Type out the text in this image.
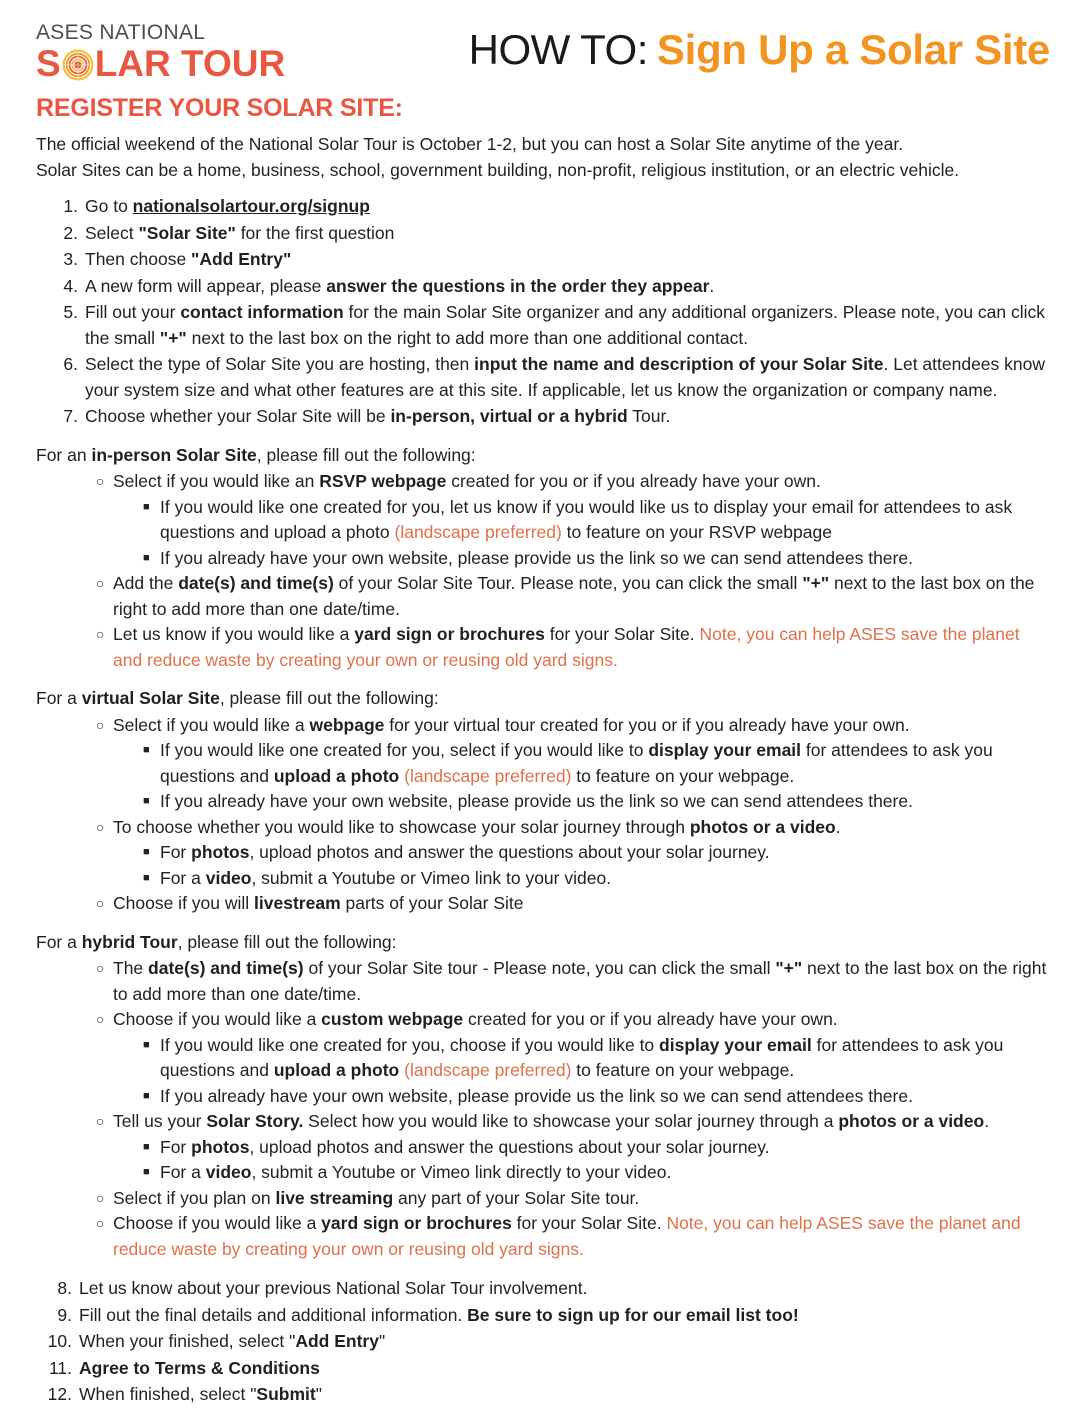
ASES NATIONAL
S LAR TOUR	HOW TO: Sign Up a Solar Site
REGISTER YOUR SOLAR SITE:
The official weekend of the National Solar Tour is October 1-2, but you can host a Solar Site anytime of the year.
Solar Sites can be a home, business, school, government building, non-profit, religious institution, or an electric vehicle.
1. Go to nationalsolartour.org/signup
2. Select "Solar Site" for the first question
3. Then choose "Add Entry"
4. A new form will appear, please answer the questions in the order they appear.
5. Fill out your contact information for the main Solar Site organizer and any additional organizers. Please note, you can click the small "+" next to the last box on the right to add more than one additional contact.
6. Select the type of Solar Site you are hosting, then input the name and description of your Solar Site. Let attendees know your system size and what other features are at this site. If applicable, let us know the organization or company name.
7. Choose whether your Solar Site will be in-person, virtual or a hybrid Tour.
For an in-person Solar Site, please fill out the following:
○ Select if you would like an RSVP webpage created for you or if you already have your own.
■ If you would like one created for you, let us know if you would like us to display your email for attendees to ask questions and upload a photo (landscape preferred) to feature on your RSVP webpage
■ If you already have your own website, please provide us the link so we can send attendees there.
○ Add the date(s) and time(s) of your Solar Site Tour. Please note, you can click the small "+" next to the last box on the right to add more than one date/time.
○ Let us know if you would like a yard sign or brochures for your Solar Site. Note, you can help ASES save the planet and reduce waste by creating your own or reusing old yard signs.
For a virtual Solar Site, please fill out the following:
○ Select if you would like a webpage for your virtual tour created for you or if you already have your own.
■ If you would like one created for you, select if you would like to display your email for attendees to ask you questions and upload a photo (landscape preferred) to feature on your webpage.
■ If you already have your own website, please provide us the link so we can send attendees there.
○ To choose whether you would like to showcase your solar journey through photos or a video.
■ For photos, upload photos and answer the questions about your solar journey.
■ For a video, submit a Youtube or Vimeo link to your video.
○ Choose if you will livestream parts of your Solar Site
For a hybrid Tour, please fill out the following:
○ The date(s) and time(s) of your Solar Site tour - Please note, you can click the small "+" next to the last box on the right to add more than one date/time.
○ Choose if you would like a custom webpage created for you or if you already have your own.
■ If you would like one created for you, choose if you would like to display your email for attendees to ask you questions and upload a photo (landscape preferred) to feature on your webpage.
■ If you already have your own website, please provide us the link so we can send attendees there.
○ Tell us your Solar Story. Select how you would like to showcase your solar journey through a photos or a video.
■ For photos, upload photos and answer the questions about your solar journey.
■ For a video, submit a Youtube or Vimeo link directly to your video.
○ Select if you plan on live streaming any part of your Solar Site tour.
○ Choose if you would like a yard sign or brochures for your Solar Site. Note, you can help ASES save the planet and reduce waste by creating your own or reusing old yard signs.
8. Let us know about your previous National Solar Tour involvement.
9. Fill out the final details and additional information. Be sure to sign up for our email list too!
10. When your finished, select "Add Entry"
11. Agree to Terms & Conditions
12. When finished, select "Submit"
